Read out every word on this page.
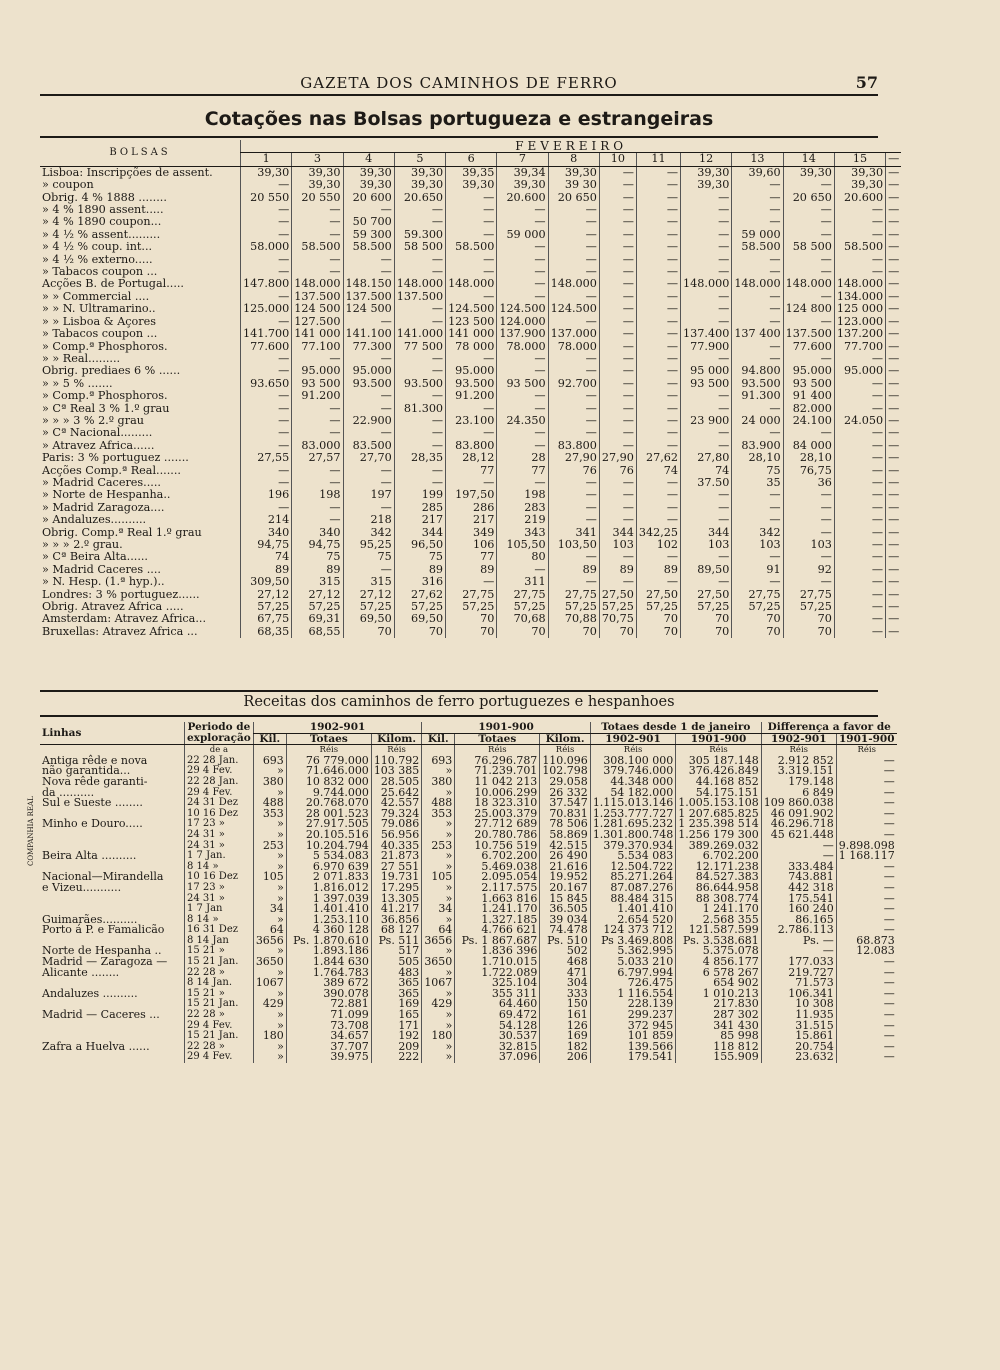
GAZETA DOS CAMINHOS DE FERRO	57
Cotações nas Bolsas portugueza e estrangeiras
BOLSAS	FEVEREIRO													
	1	3	4	5	6	7	8	10	11	12	13	14	15	—
Lisboa: Inscripções de assent.	39,30	39,30	39,30	39,30	39,35	39,34	39,30	—	—	39,30	39,60	39,30	39,30	—
» coupon	—	39,30	39,30	39,30	39,30	39,30	39 30	—	—	39,30	—	—	39,30	—
Obrig. 4 % 1888 ........	20 550	20 550	20 600	20.650	—	20.600	20 650	—	—	—	—	20 650	20.600	—
» 4 % 1890 assent.....	—	—	—	—	—	—	—	—	—	—	—	—	—	—
» 4 % 1890 coupon...	—	—	50 700	—	—	—	—	—	—	—	—	—	—	—
» 4 ½ % assent.........	—	—	59 300	59.300	—	59 000	—	—	—	—	59 000	—	—	—
» 4 ½ % coup. int...	58.000	58.500	58.500	58 500	58.500	—	—	—	—	—	58.500	58 500	58.500	—
» 4 ½ % externo.....	—	—	—	—	—	—	—	—	—	—	—	—	—	—
» Tabacos coupon ...	—	—	—	—	—	—	—	—	—	—	—	—	—	—
Acções B. de Portugal.....	147.800	148.000	148.150	148.000	148.000	—	148.000	—	—	148.000	148.000	148.000	148.000	—
» » Commercial ....	—	137.500	137.500	137.500	—	—	—	—	—	—	—	—	134.000	—
» » N. Ultramarino..	125.000	124 500	124 500	—	124.500	124.500	124.500	—	—	—	—	124 800	125 000	—
» » Lisboa & Açores	—	127.500	—	—	123 500	124.000	—	—	—	—	—	—	123.000	—
» Tabacos coupon ...	141.700	141 000	141.100	141.000	141 000	137.900	137.000	—	—	137.400	137 400	137.500	137.200	—
» Comp.ª Phosphoros.	77.600	77.100	77.300	77 500	78 000	78.000	78.000	—	—	77.900	—	77.600	77.700	—
» » Real.........	—	—	—	—	—	—	—	—	—	—	—	—	—	—
Obrig. prediaes 6 % ......	—	95.000	95.000	—	95.000	—	—	—	—	95 000	94.800	95.000	95.000	—
» » 5 % .......	93.650	93 500	93.500	93.500	93.500	93 500	92.700	—	—	93 500	93.500	93 500	—	—
» Comp.ª Phosphoros.	—	91.200	—	—	91.200	—	—	—	—	—	91.300	91 400	—	—
» Cª Real 3 % 1.º grau	—	—	—	81.300	—	—	—	—	—	—	—	82.000	—	—
» » » 3 % 2.º grau	—	—	22.900	—	23.100	24.350	—	—	—	23 900	24 000	24.100	24.050	—
» Cª Nacional.........	—	—	—	—	—	—	—	—	—	—	—	—	—	—
» Atravez Africa......	—	83.000	83.500	—	83.800	—	83.800	—	—	—	83.900	84 000	—	—
Paris: 3 % portuguez .......	27,55	27,57	27,70	28,35	28,12	28	27,90	27,90	27,62	27,80	28,10	28,10	—	—
Acções Comp.ª Real.......	—	—	—	—	77	77	76	76	74	74	75	76,75	—	—
» Madrid Caceres.....	—	—	—	—	—	—	—	—	—	37.50	35	36	—	—
» Norte de Hespanha..	196	198	197	199	197,50	198	—	—	—	—	—	—	—	—
» Madrid Zaragoza....	—	—	—	285	286	283	—	—	—	—	—	—	—	—
» Andaluzes..........	214	—	218	217	217	219	—	—	—	—	—	—	—	—
Obrig. Comp.ª Real 1.º grau	340	340	342	344	349	343	341	344	342,25	344	342	—	—	—
» » » 2.º grau.	94,75	94,75	95,25	96,50	106	105,50	103,50	103	102	103	103	103	—	—
» Cª Beira Alta......	74	75	75	75	77	80	—	—	—	—	—	—	—	—
» Madrid Caceres ....	89	89	—	89	89	—	89	89	89	89,50	91	92	—	—
» N. Hesp. (1.ª hyp.)..	309,50	315	315	316	—	311	—	—	—	—	—	—	—	—
Londres: 3 % portuguez......	27,12	27,12	27,12	27,62	27,75	27,75	27,75	27,50	27,50	27,50	27,75	27,75	—	—
Obrig. Atravez Africa .....	57,25	57,25	57,25	57,25	57,25	57,25	57,25	57,25	57,25	57,25	57,25	57,25	—	—
Amsterdam: Atravez Africa...	67,75	69,31	69,50	69,50	70	70,68	70,88	70,75	70	70	70	70	—	—
Bruxellas: Atravez Africa ...	68,35	68,55	70	70	70	70	70	70	70	70	70	70	—	—
Receitas dos caminhos de ferro portuguezes e hespanhoes
Linhas	Periodo de exploração	1902-901			1901-900			Totaes desde 1 de janeiro		Differença a favor de	
		Kil.	Totaes	Kilom.	Kil.	Totaes	Kilom.	1902-901	1901-900	1902-901	1901-900
	de a		Réis	Réis		Réis	Réis	Réis	Réis	Réis	Réis
Antiga rêde e nova	22 28 Jan.	693	76 779.000	110.792	693	76.296.787	110.096	308.100 000	305 187.148	2.912 852	—
não garantida...	29 4 Fev.	»	71.646.000	103 385	»	71.239.701	102.798	379.746.000	376.426.849	3.319.151	—
Nova rêde garanti-	22 28 Jan.	380	10 832 000	28.505	380	11 042 213	29.058	44.348 000	44.168 852	179.148	—
da ..........	29 4 Fev.	»	9.744.000	25.642	»	10.006.299	26 332	54 182.000	54.175.151	6 849	—
Sul e Sueste ........	24 31 Dez	488	20.768.070	42.557	488	18 323.310	37.547	1.115.013.146	1.005.153.108	109 860.038	—
	10 16 Dez	353	28 001.523	79.324	353	25.003.379	70.831	1.253.777.727	1 207.685.825	46 091.902	—
Minho e Douro.....	17 23 »	»	27.917.505	79.086	»	27.712 689	78 506	1.281.695.232	1 235.398 514	46.296.718	—
	24 31 »	»	20.105.516	56.956	»	20.780.786	58.869	1.301.800.748	1.256 179 300	45 621.448	—
	24 31 »	253	10.204.794	40.335	253	10.756 519	42.515	379.370.934	389.269.032	—	9.898.098
Beira Alta ..........	1 7 Jan.	»	5 534.083	21.873	»	6.702.200	26 490	5.534 083	6.702.200	—	1 168.117
	8 14 »	»	6.970 639	27 551	»	5.469.038	21.616	12.504.722	12.171.238	333.484	—
Nacional—Mirandella	10 16 Dez	105	2 071.833	19.731	105	2.095.054	19.952	85.271.264	84.527.383	743.881	—
e Vizeu...........	17 23 »	»	1.816.012	17.295	»	2.117.575	20.167	87.087.276	86.644.958	442 318	—
	24 31 »	»	1 397.039	13.305	»	1.663 816	15 845	88.484 315	88 308.774	175.541	—
	1 7 Jan	34	1.401.410	41.217	34	1.241.170	36.505	1.401.410	1 241.170	160 240	—
Guimarães..........	8 14 »	»	1.253.110	36.856	»	1.327.185	39 034	2.654 520	2.568 355	86.165	—
Porto á P. e Famalicão	16 31 Dez	64	4 360 128	68 127	64	4.766 621	74.478	124 373 712	121.587.599	2.786.113	—
	8 14 Jan	3656	Ps. 1.870.610	Ps. 511	3656	Ps. 1 867.687	Ps. 510	Ps 3.469.808	Ps. 3.538.681	Ps. —	68.873
Norte de Hespanha ..	15 21 »	»	1.893.186	517	»	1.836 396	502	5.362.995	5.375.078	—	12.083
Madrid — Zaragoza —	15 21 Jan.	3650	1.844 630	505	3650	1.710.015	468	5.033 210	4 856.177	177.033	—
Alicante ........	22 28 »	»	1.764.783	483	»	1.722.089	471	6.797.994	6 578 267	219.727	—
	8 14 Jan.	1067	389 672	365	1067	325.104	304	726.475	654 902	71.573	—
Andaluzes ..........	15 21 »	»	390.078	365	»	355 311	333	1 116.554	1 010.213	106.341	—
	15 21 Jan.	429	72.881	169	429	64.460	150	228.139	217.830	10 308	—
Madrid — Caceres ...	22 28 »	»	71.099	165	»	69.472	161	299.237	287 302	11.935	—
	29 4 Fev.	»	73.708	171	»	54.128	126	372 945	341 430	31.515	—
	15 21 Jan.	180	34.657	192	180	30.537	169	101 859	85 998	15.861	—
Zafra a Huelva ......	22 28 »	»	37.707	209	»	32.815	182	139.566	118 812	20.754	—
	29 4 Fev.	»	39.975	222	»	37.096	206	179.541	155.909	23.632	—
COMPANHIA REAL
